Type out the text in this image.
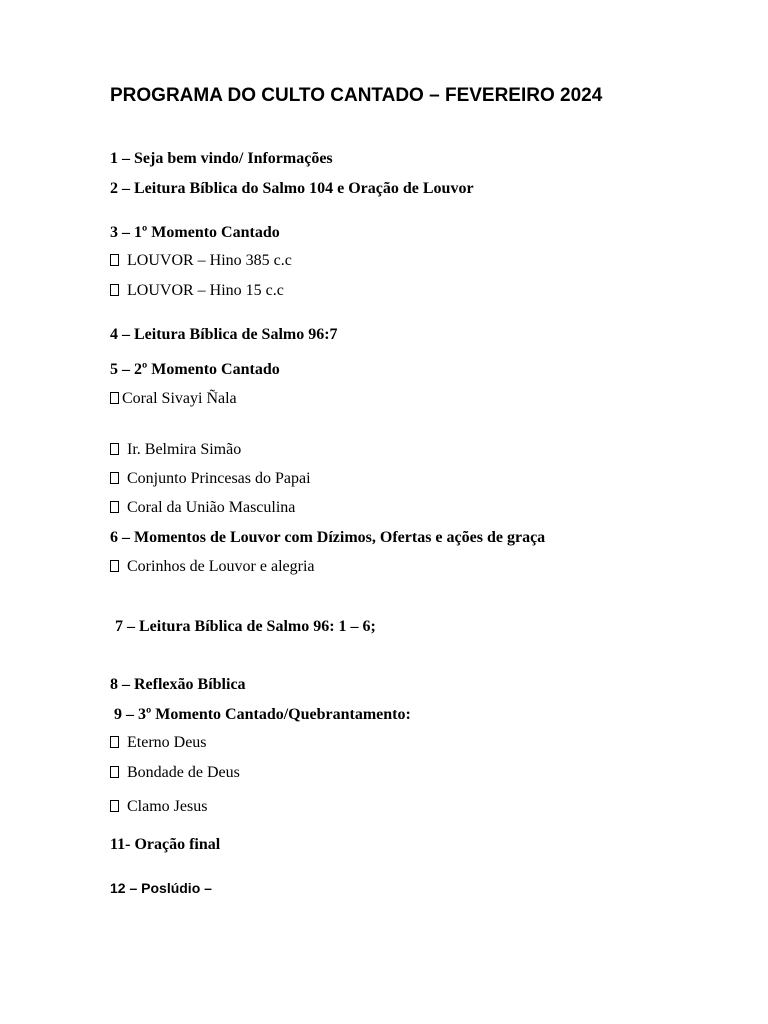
PROGRAMA DO CULTO CANTADO – FEVEREIRO 2024
1 – Seja bem vindo/ Informações
2 – Leitura Bíblica do Salmo 104 e Oração de Louvor
3 – 1º Momento Cantado
LOUVOR – Hino 385 c.c
LOUVOR – Hino 15 c.c
4 – Leitura Bíblica de Salmo 96:7
5 – 2º Momento Cantado
Coral Sivayi Ñala
Ir. Belmira Simão
Conjunto Princesas do Papai
Coral da União Masculina
6 – Momentos de Louvor com Dízimos, Ofertas e ações de graça
Corinhos de Louvor e alegria
7 – Leitura Bíblica de Salmo 96: 1 – 6;
8 – Reflexão Bíblica
9 – 3º Momento Cantado/Quebrantamento:
Eterno Deus
Bondade de Deus
Clamo Jesus
11- Oração final
12 – Poslúdio –
